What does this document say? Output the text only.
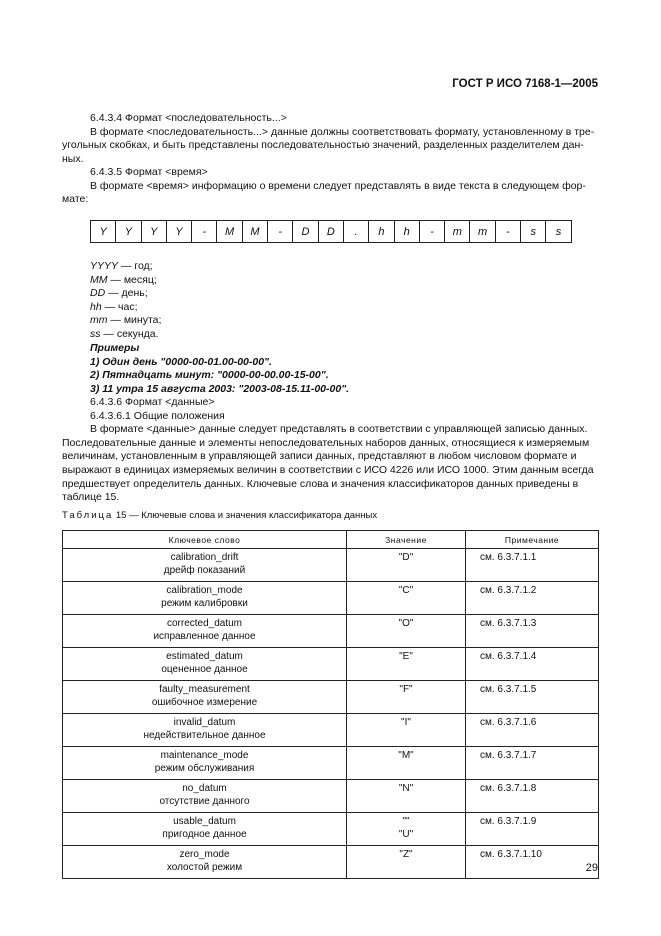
ГОСТ Р ИСО 7168-1—2005
6.4.3.4 Формат <последовательность...>
В формате <последовательность...> данные должны соответствовать формату, установленному в тре-
угольных скобках, и быть представлены последовательностью значений, разделенных разделителем дан-
ных.
6.4.3.5 Формат <время>
В формате <время> информацию о времени следует представлять в виде текста в следующем фор-
мате:
Y	Y	Y	Y	-	M	M	-	D	D	.	h	h	-	m	m	-	s	s
YYYY — год;
MM — месяц;
DD — день;
hh — час;
mm — минута;
ss — секунда.
Примеры
1) Один день "0000-00-01.00-00-00".
2) Пятнадцать минут: "0000-00-00.00-15-00".
3) 11 утра 15 августа 2003: "2003-08-15.11-00-00".
6.4.3.6 Формат <данные>
6.4.3.6.1 Общие положения
В формате <данные> данные следует представлять в соответствии с управляющей записью данных.
Последовательные данные и элементы непоследовательных наборов данных, относящиеся к измеряемым
величинам, установленным в управляющей записи данных, представляют в любом числовом формате и
выражают в единицах измеряемых величин в соответствии с ИСО 4226 или ИСО 1000. Этим данным всегда
предшествует определитель данных. Ключевые слова и значения классификаторов данных приведены в
таблице 15.
Таблица 15 — Ключевые слова и значения классификатора данных
Ключевое слово	Значение	Примечание

calibration_drift
дрейф показаний	"D"	см. 6.3.7.1.1

calibration_mode
режим калибровки	"C"	см. 6.3.7.1.2

corrected_datum
исправленное данное	"O"	см. 6.3.7.1.3

estimated_datum
оцененное данное	"E"	см. 6.3.7.1.4

faulty_measurement
ошибочное измерение	"F"	см. 6.3.7.1.5

invalid_datum
недействительное данное	"I"	см. 6.3.7.1.6

maintenance_mode
режим обслуживания	"M"	см. 6.3.7.1.7

no_datum
отсутствие данного	"N"	см. 6.3.7.1.8

usable_datum
пригодное данное	""
"U"	см. 6.3.7.1.9

zero_mode
холостой режим	"Z"	см. 6.3.7.1.10
29
